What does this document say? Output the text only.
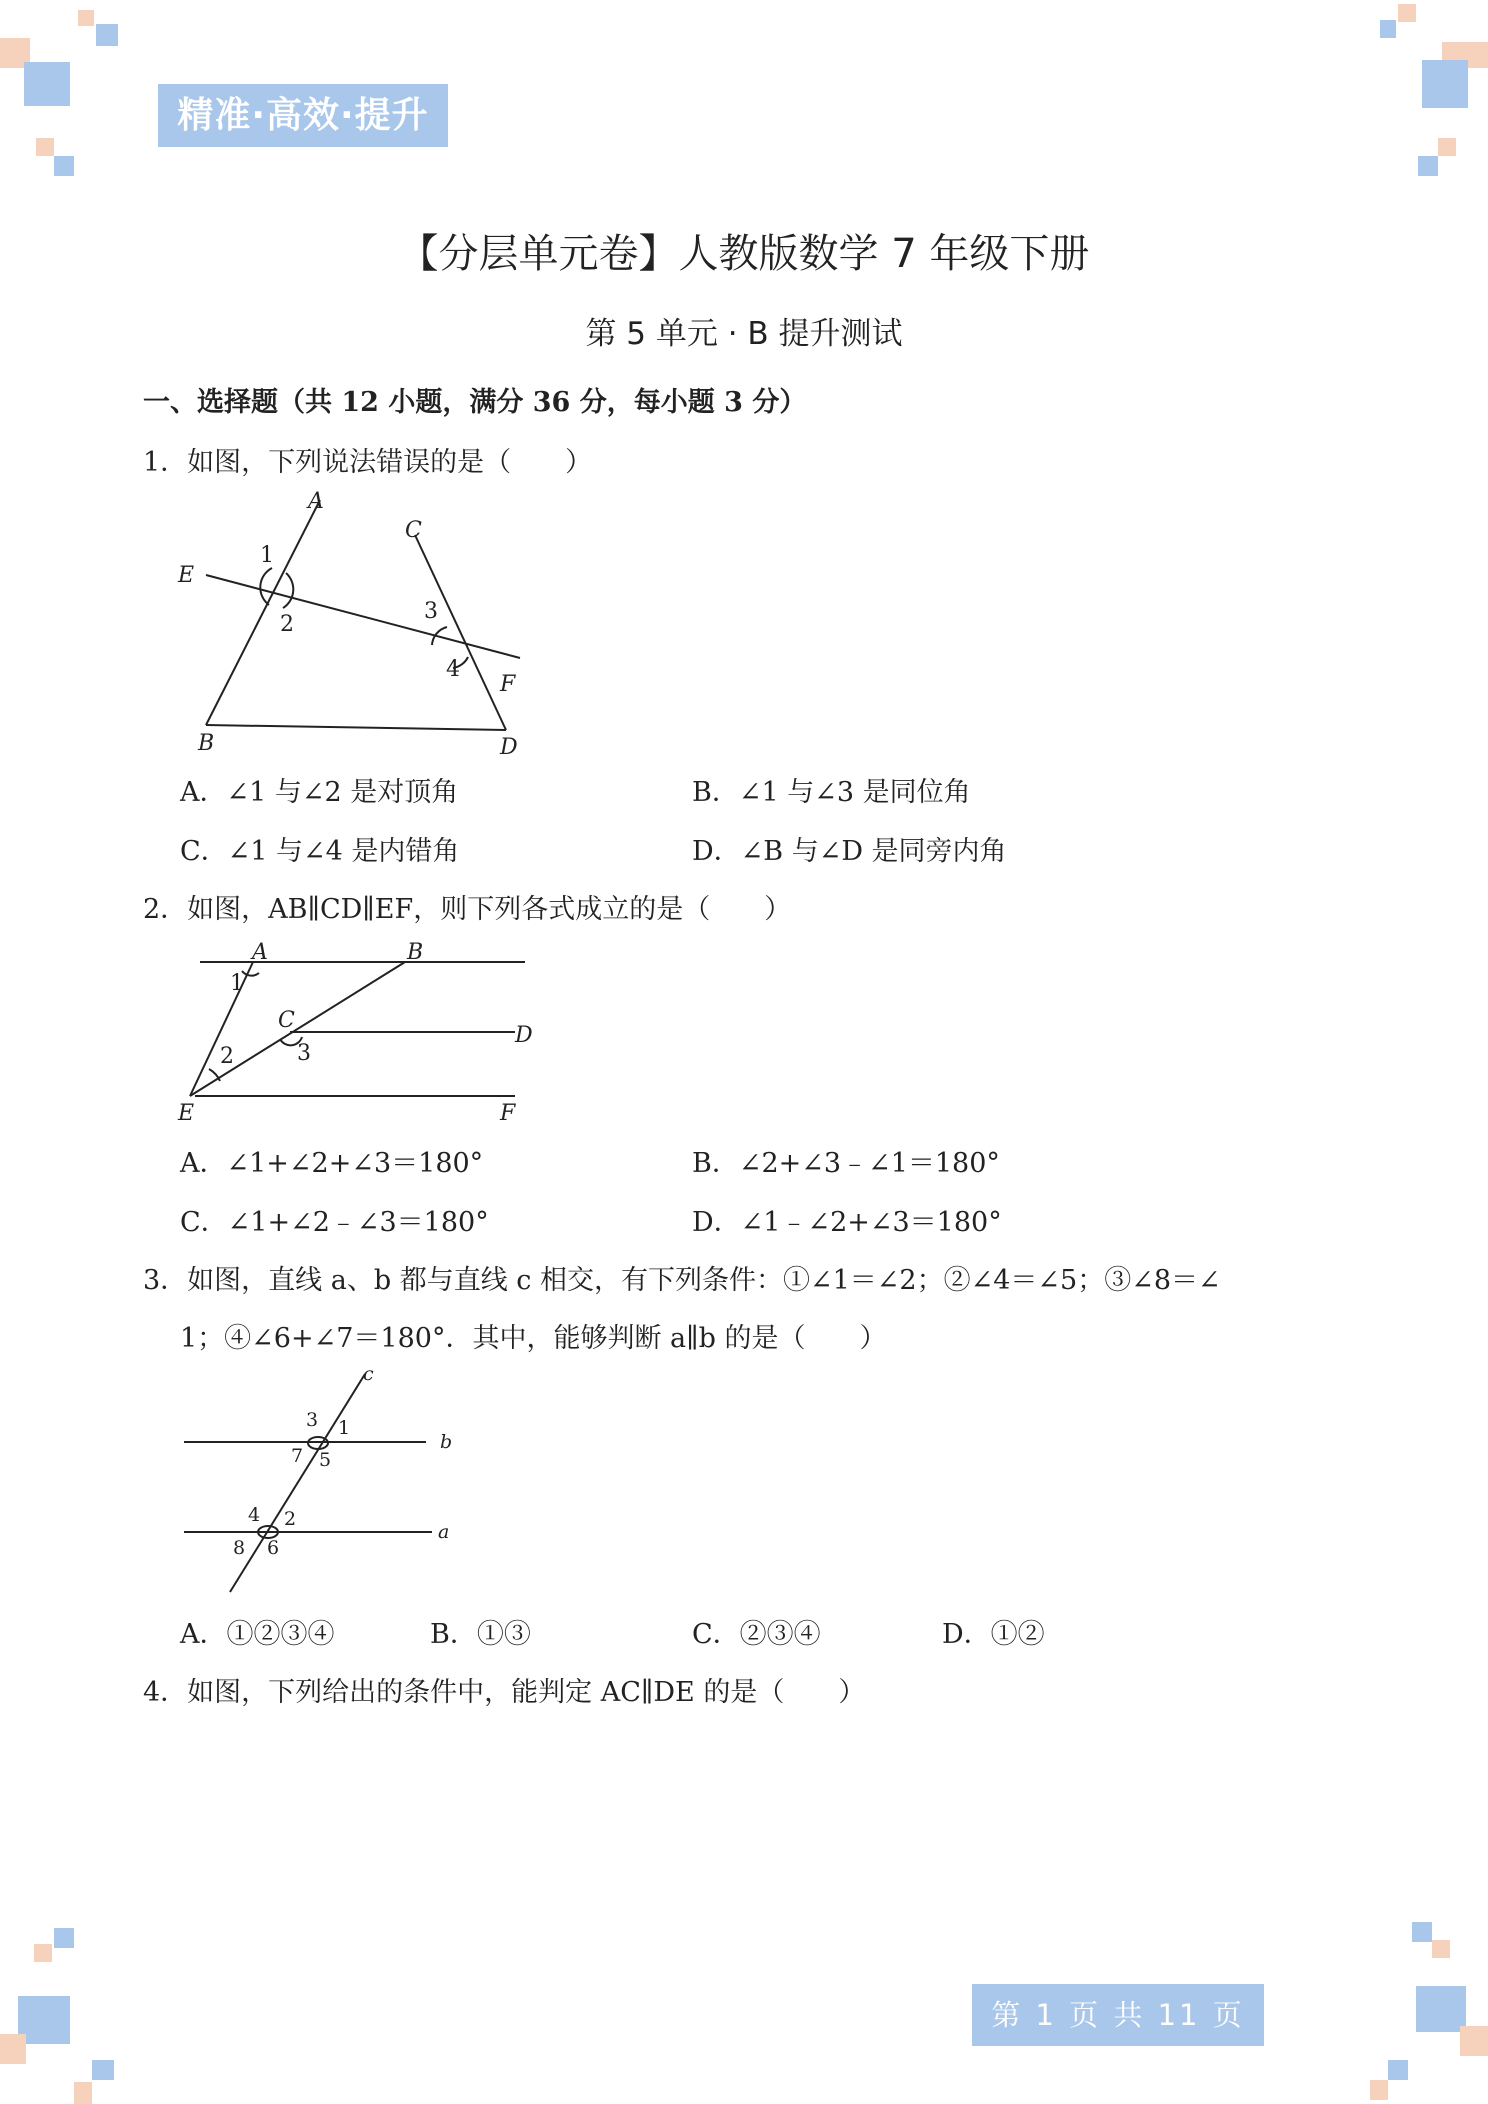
精准·高效·提升
【分层单元卷】人教版数学 7 年级下册
第 5 单元 · B 提升测试
一、选择题（共 12 小题，满分 36 分，每小题 3 分）
1．如图，下列说法错误的是（　　）
A
C
E
1
2
3
4
F
B	D
A．∠1 与∠2 是对顶角	B．∠1 与∠3 是同位角
C．∠1 与∠4 是内错角	D．∠B 与∠D 是同旁内角
2．如图，AB∥CD∥EF，则下列各式成立的是（　　）
A	B
1
C
3
2
D
E	F
A．∠1+∠2+∠3＝180°	B．∠2+∠3﹣∠1＝180°
C．∠1+∠2﹣∠3＝180°	D．∠1﹣∠2+∠3＝180°
3．如图，直线 a、b 都与直线 c 相交，有下列条件：①∠1＝∠2；②∠4＝∠5；③∠8＝∠
1；④∠6+∠7＝180°．其中，能够判断 a∥b 的是（　　）
c
3 1
7 5
b
4 2
8 6
a
A．①②③④	B．①③	C．②③④	D．①②
4．如图，下列给出的条件中，能判定 AC∥DE 的是（　　）
第 1 页 共 11 页
